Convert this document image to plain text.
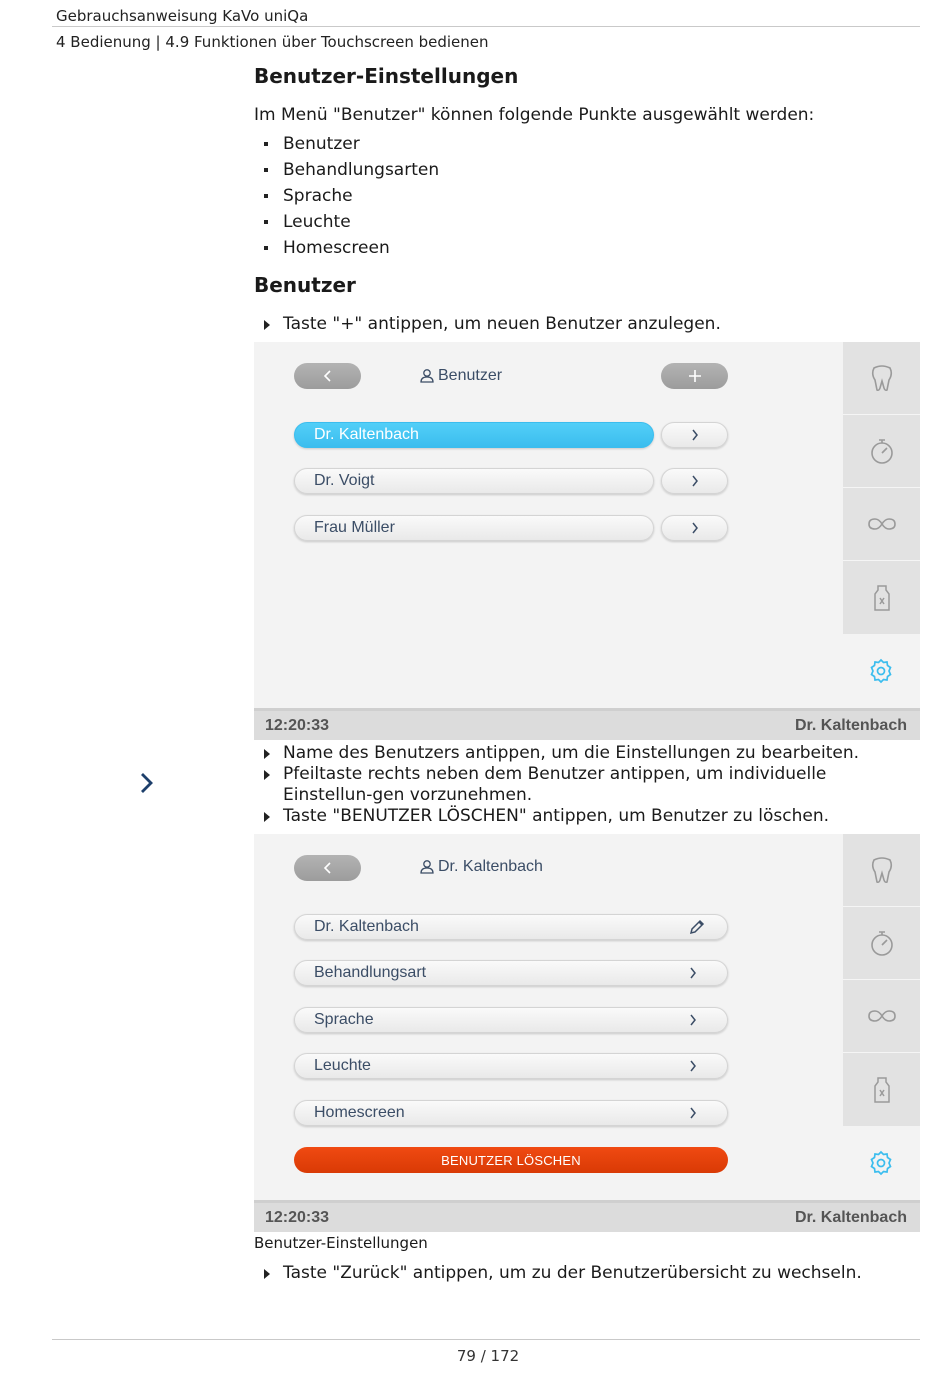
Gebrauchsanweisung KaVo uniQa
4 Bedienung | 4.9 Funktionen über Touchscreen bedienen
Benutzer-Einstellungen
Im Menü "Benutzer" können folgende Punkte ausgewählt werden:
Benutzer
Behandlungsarten
Sprache
Leuchte
Homescreen
Benutzer
Taste "+" antippen, um neuen Benutzer anzulegen.
Benutzer
Dr. Kaltenbach
Dr. Voigt
Frau Müller
12:20:33	Dr. Kaltenbach
Name des Benutzers antippen, um die Einstellungen zu bearbeiten.
Pfeiltaste rechts neben dem Benutzer antippen, um individuelle Einstellun-gen vorzunehmen.
Taste "BENUTZER LÖSCHEN" antippen, um Benutzer zu löschen.
Dr. Kaltenbach
Dr. Kaltenbach
Behandlungsart
Sprache
Leuchte
Homescreen
BENUTZER LÖSCHEN
12:20:33	Dr. Kaltenbach
Benutzer-Einstellungen
Taste "Zurück" antippen, um zu der Benutzerübersicht zu wechseln.
79 / 172
